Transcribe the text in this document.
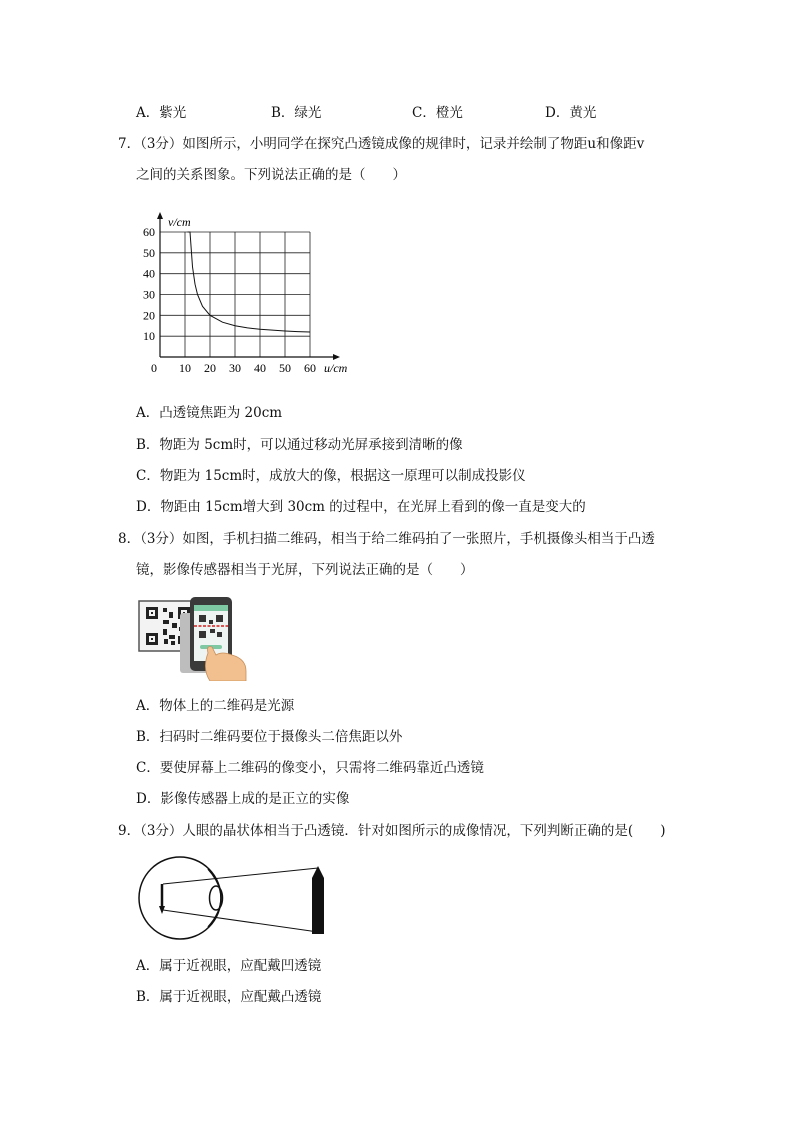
A．紫光	B．绿光	C．橙光	D．黄光
7．（3分）如图所示，小明同学在探究凸透镜成像的规律时，记录并绘制了物距u和像距v
之间的关系图象。下列说法正确的是（　　）
v/cm
u/cm
0 10 20 30 40 50 60
10
20
30
40
50
60
A．凸透镜焦距为 20cm
B．物距为 5cm时，可以通过移动光屏承接到清晰的像
C．物距为 15cm时，成放大的像，根据这一原理可以制成投影仪
D．物距由 15cm增大到 30cm 的过程中，在光屏上看到的像一直是变大的
8．（3分）如图，手机扫描二维码，相当于给二维码拍了一张照片，手机摄像头相当于凸透
镜，影像传感器相当于光屏，下列说法正确的是（　　）
A．物体上的二维码是光源
B．扫码时二维码要位于摄像头二倍焦距以外
C．要使屏幕上二维码的像变小，只需将二维码靠近凸透镜
D．影像传感器上成的是正立的实像
9．（3分）人眼的晶状体相当于凸透镜．针对如图所示的成像情况，下列判断正确的是(　　)
A．属于近视眼，应配戴凹透镜
B．属于近视眼，应配戴凸透镜
